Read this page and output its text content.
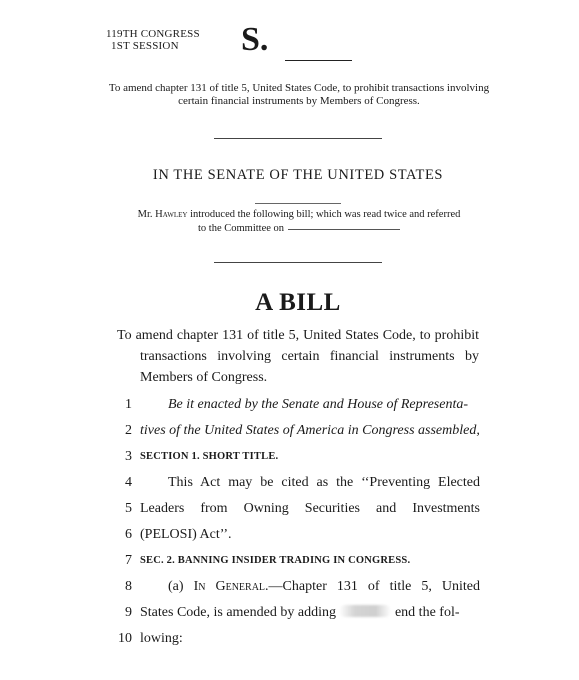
119TH CONGRESS
1ST SESSION	S.
To amend chapter 131 of title 5, United States Code, to prohibit transactions involving certain financial instruments by Members of Congress.
IN THE SENATE OF THE UNITED STATES
Mr. Hawley introduced the following bill; which was read twice and referred
to the Committee on
A BILL
To amend chapter 131 of title 5, United States Code, to prohibit transactions involving certain financial instruments by Members of Congress.
1	Be it enacted by the Senate and House of Representa-
2 tives of the United States of America in Congress assembled,
3 SECTION 1. SHORT TITLE.
4	This Act may be cited as the ‘‘Preventing Elected
5 Leaders from Owning Securities and Investments
6 (PELOSI) Act’’.
7 SEC. 2. BANNING INSIDER TRADING IN CONGRESS.
8	(a) In General.—Chapter 131 of title 5, United
9 States Code, is amended by adding	end the fol-
10 lowing:
